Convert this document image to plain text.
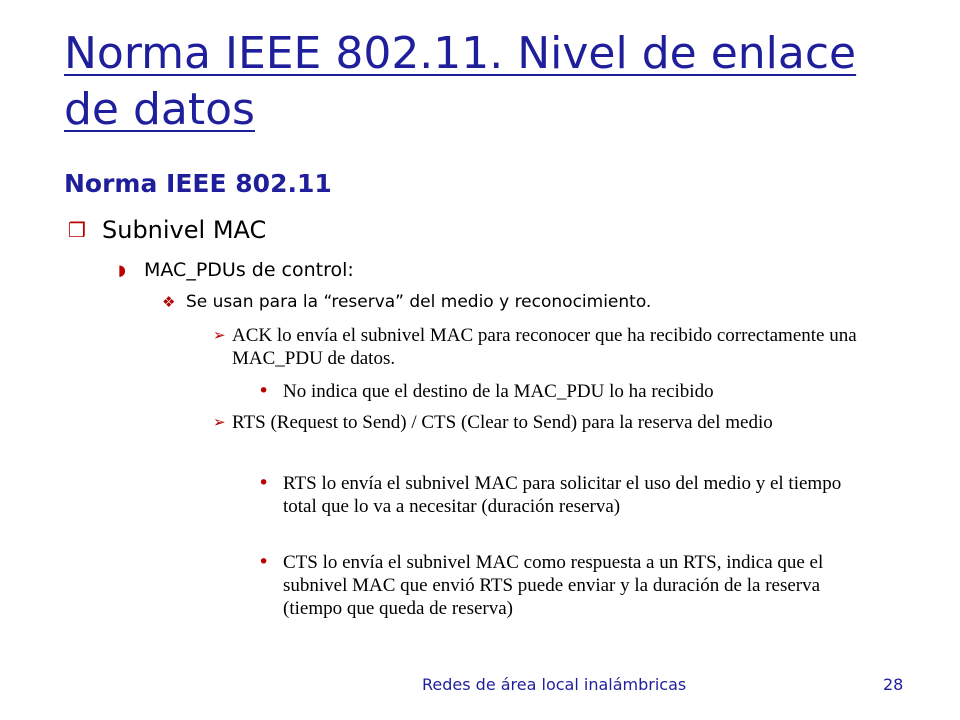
Norma IEEE 802.11. Nivel de enlace de datos
Norma IEEE 802.11
❒ Subnivel MAC
◗ MAC_PDUs de control:
❖ Se usan para la “reserva” del medio y reconocimiento.
➢ ACK lo envía el subnivel MAC para reconocer que ha recibido correctamente una MAC_PDU de datos.
• No indica que el destino de la MAC_PDU lo ha recibido
➢ RTS (Request to Send) / CTS (Clear to Send) para la reserva del medio
• RTS lo envía el subnivel MAC para solicitar el uso del medio y el tiempo total que lo va a necesitar (duración reserva)
• CTS lo envía el subnivel MAC como respuesta a un RTS, indica que el subnivel MAC que envió RTS puede enviar y la duración de la reserva (tiempo que queda de reserva)
Redes de área local inalámbricas	28
